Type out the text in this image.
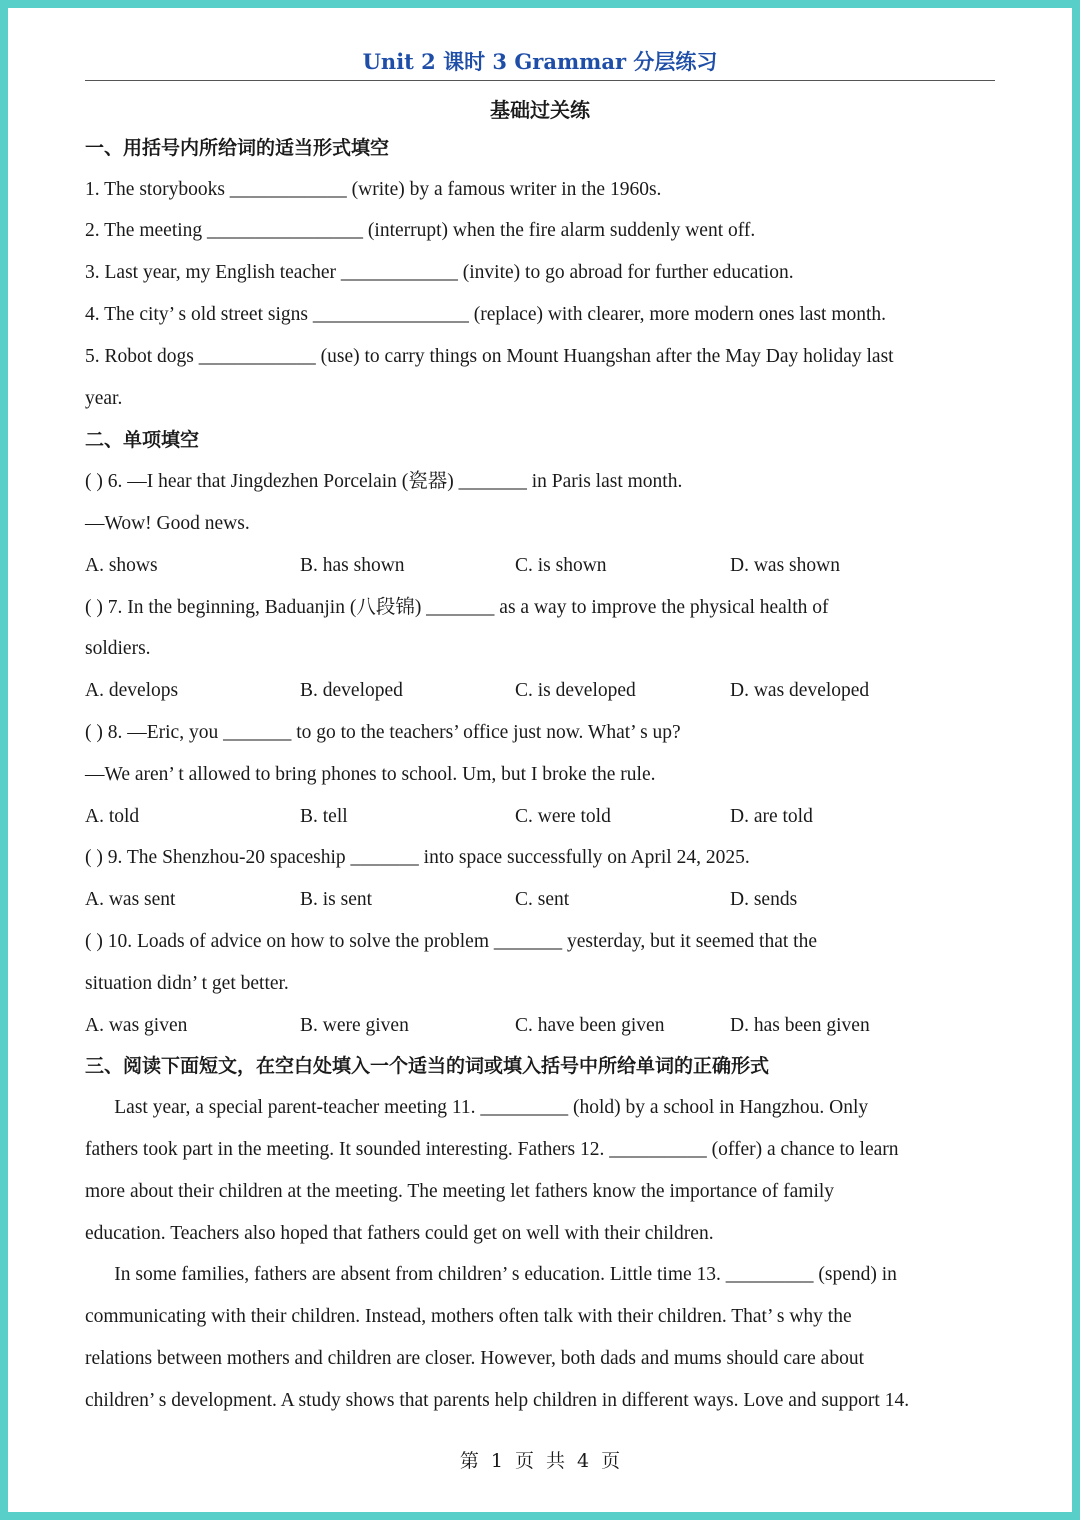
Unit 2 课时 3 Grammar 分层练习
基础过关练
一、用括号内所给词的适当形式填空
1. The storybooks ____________ (write) by a famous writer in the 1960s.
2. The meeting ________________ (interrupt) when the fire alarm suddenly went off.
3. Last year, my English teacher ____________ (invite) to go abroad for further education.
4. The city’ s old street signs ________________ (replace) with clearer, more modern ones last month.
5. Robot dogs ____________ (use) to carry things on Mount Huangshan after the May Day holiday last
year.
二、单项填空
( ) 6. —I hear that Jingdezhen Porcelain (瓷器) _______ in Paris last month.
—Wow! Good news.
A. shows	B. has shown	C. is shown	D. was shown
( ) 7. In the beginning, Baduanjin (八段锦) _______ as a way to improve the physical health of
soldiers.
A. develops	B. developed	C. is developed	D. was developed
( ) 8. —Eric, you _______ to go to the teachers’ office just now. What’ s up?
—We aren’ t allowed to bring phones to school. Um, but I broke the rule.
A. told	B. tell	C. were told	D. are told
( ) 9. The Shenzhou-20 spaceship _______ into space successfully on April 24, 2025.
A. was sent	B. is sent	C. sent	D. sends
( ) 10. Loads of advice on how to solve the problem _______ yesterday, but it seemed that the
situation didn’ t get better.
A. was given	B. were given	C. have been given	D. has been given
三、阅读下面短文，在空白处填入一个适当的词或填入括号中所给单词的正确形式
Last year, a special parent-teacher meeting 11. _________ (hold) by a school in Hangzhou. Only
fathers took part in the meeting. It sounded interesting. Fathers 12. __________ (offer) a chance to learn
more about their children at the meeting. The meeting let fathers know the importance of family
education. Teachers also hoped that fathers could get on well with their children.
In some families, fathers are absent from children’ s education. Little time 13. _________ (spend) in
communicating with their children. Instead, mothers often talk with their children. That’ s why the
relations between mothers and children are closer. However, both dads and mums should care about
children’ s development. A study shows that parents help children in different ways. Love and support 14.
第 1 页 共 4 页
